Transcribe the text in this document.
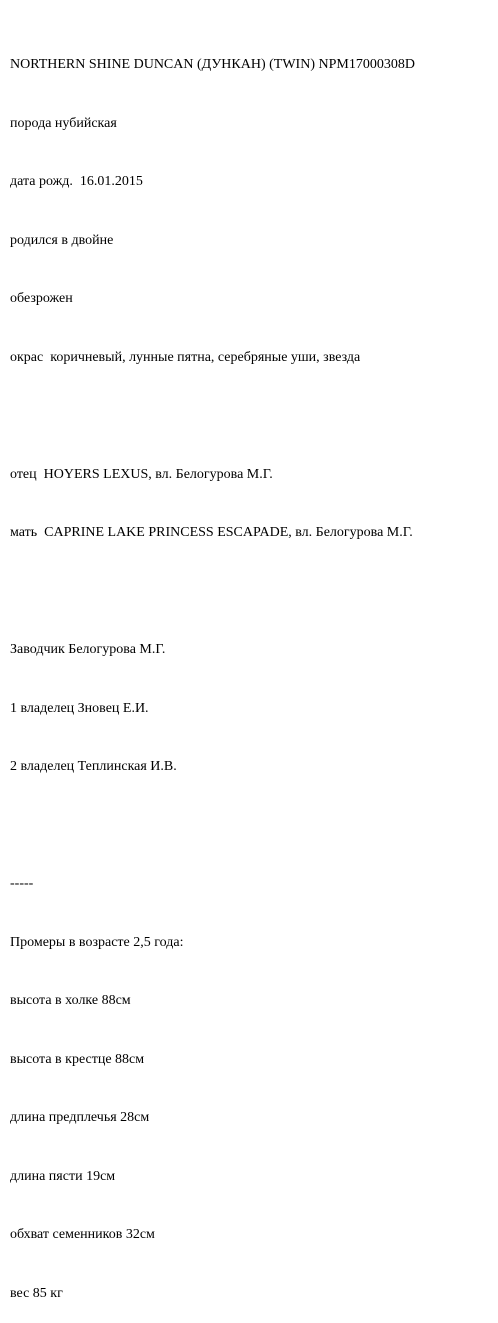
NORTHERN SHINE DUNCAN (ДУНКАН) (TWIN) NPM17000308D

порода нубийская

дата рожд.  16.01.2015

родился в двойне

обезрожен

окрас  коричневый, лунные пятна, серебряные уши, звезда

отец  HOYERS LEXUS, вл. Белогурова М.Г.

мать  CAPRINE LAKE PRINCESS ESCAPADE, вл. Белогурова М.Г.

Заводчик Белогурова М.Г.

1 владелец Зновец Е.И.

2 владелец Теплинская И.В.

-----

Промеры в возрасте 2,5 года:

высота в холке 88см

высота в крестце 88см

длина предплечья 28см

длина пясти 19см

обхват семенников 32см

вес 85 кг
